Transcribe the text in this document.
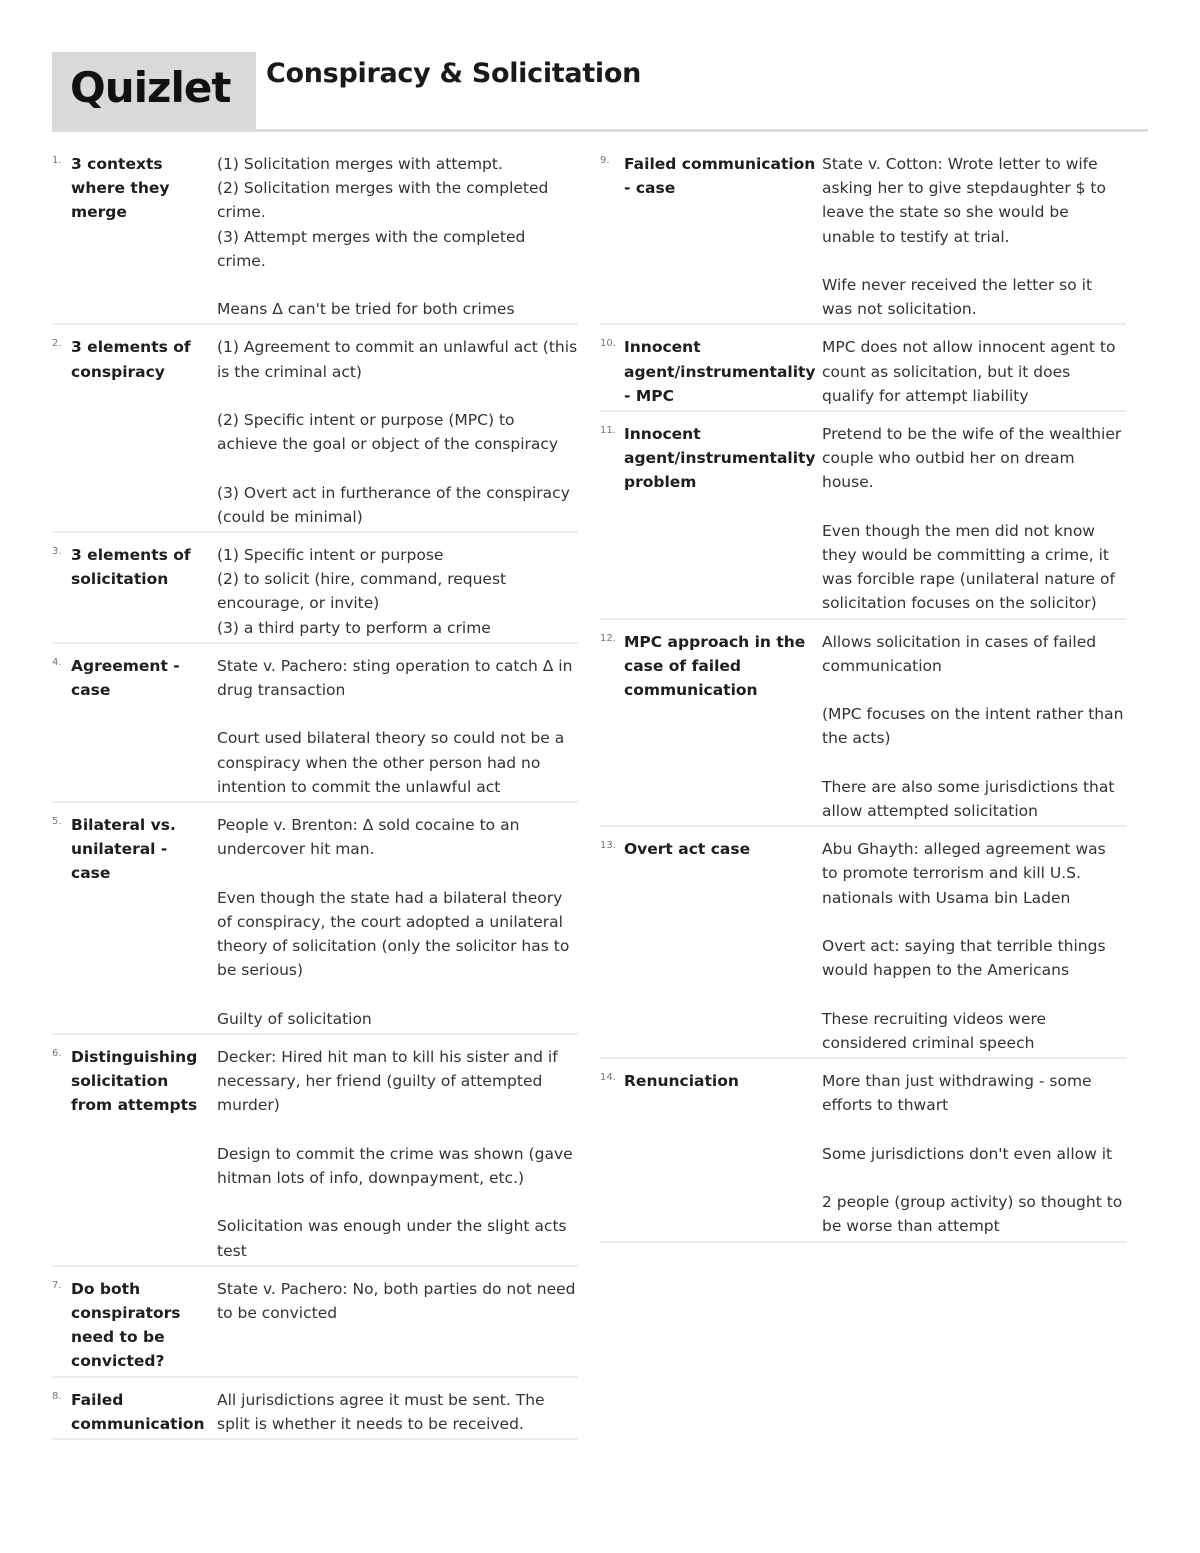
Quizlet Conspiracy & Solicitation
1. 3 contexts where they merge
(1) Solicitation merges with attempt.
(2) Solicitation merges with the completed crime.
(3) Attempt merges with the completed crime.

Means Δ can't be tried for both crimes
2. 3 elements of conspiracy
(1) Agreement to commit an unlawful act (this is the criminal act)

(2) Specific intent or purpose (MPC) to achieve the goal or object of the conspiracy

(3) Overt act in furtherance of the conspiracy (could be minimal)
3. 3 elements of solicitation
(1) Specific intent or purpose
(2) to solicit (hire, command, request encourage, or invite)
(3) a third party to perform a crime
4. Agreement - case
State v. Pachero: sting operation to catch Δ in drug transaction

Court used bilateral theory so could not be a conspiracy when the other person had no intention to commit the unlawful act
5. Bilateral vs. unilateral - case
People v. Brenton: Δ sold cocaine to an undercover hit man.

Even though the state had a bilateral theory of conspiracy, the court adopted a unilateral theory of solicitation (only the solicitor has to be serious)

Guilty of solicitation
6. Distinguishing solicitation from attempts
Decker: Hired hit man to kill his sister and if necessary, her friend (guilty of attempted murder)

Design to commit the crime was shown (gave hitman lots of info, downpayment, etc.)

Solicitation was enough under the slight acts test
7. Do both conspirators need to be convicted?
State v. Pachero: No, both parties do not need to be convicted
8. Failed communication
All jurisdictions agree it must be sent. The split is whether it needs to be received.
9. Failed communication - case
State v. Cotton: Wrote letter to wife asking her to give stepdaughter $ to leave the state so she would be unable to testify at trial.

Wife never received the letter so it was not solicitation.
10. Innocent agent/instrumentality - MPC
MPC does not allow innocent agent to count as solicitation, but it does qualify for attempt liability
11. Innocent agent/instrumentality problem
Pretend to be the wife of the wealthier couple who outbid her on dream house.

Even though the men did not know they would be committing a crime, it was forcible rape (unilateral nature of solicitation focuses on the solicitor)
12. MPC approach in the case of failed communication
Allows solicitation in cases of failed communication

(MPC focuses on the intent rather than the acts)

There are also some jurisdictions that allow attempted solicitation
13. Overt act case	Abu Ghayth: alleged agreement was to promote terrorism and kill U.S. nationals with Usama bin Laden

Overt act: saying that terrible things would happen to the Americans

These recruiting videos were considered criminal speech
14. Renunciation	More than just withdrawing - some efforts to thwart

Some jurisdictions don't even allow it

2 people (group activity) so thought to be worse than attempt
